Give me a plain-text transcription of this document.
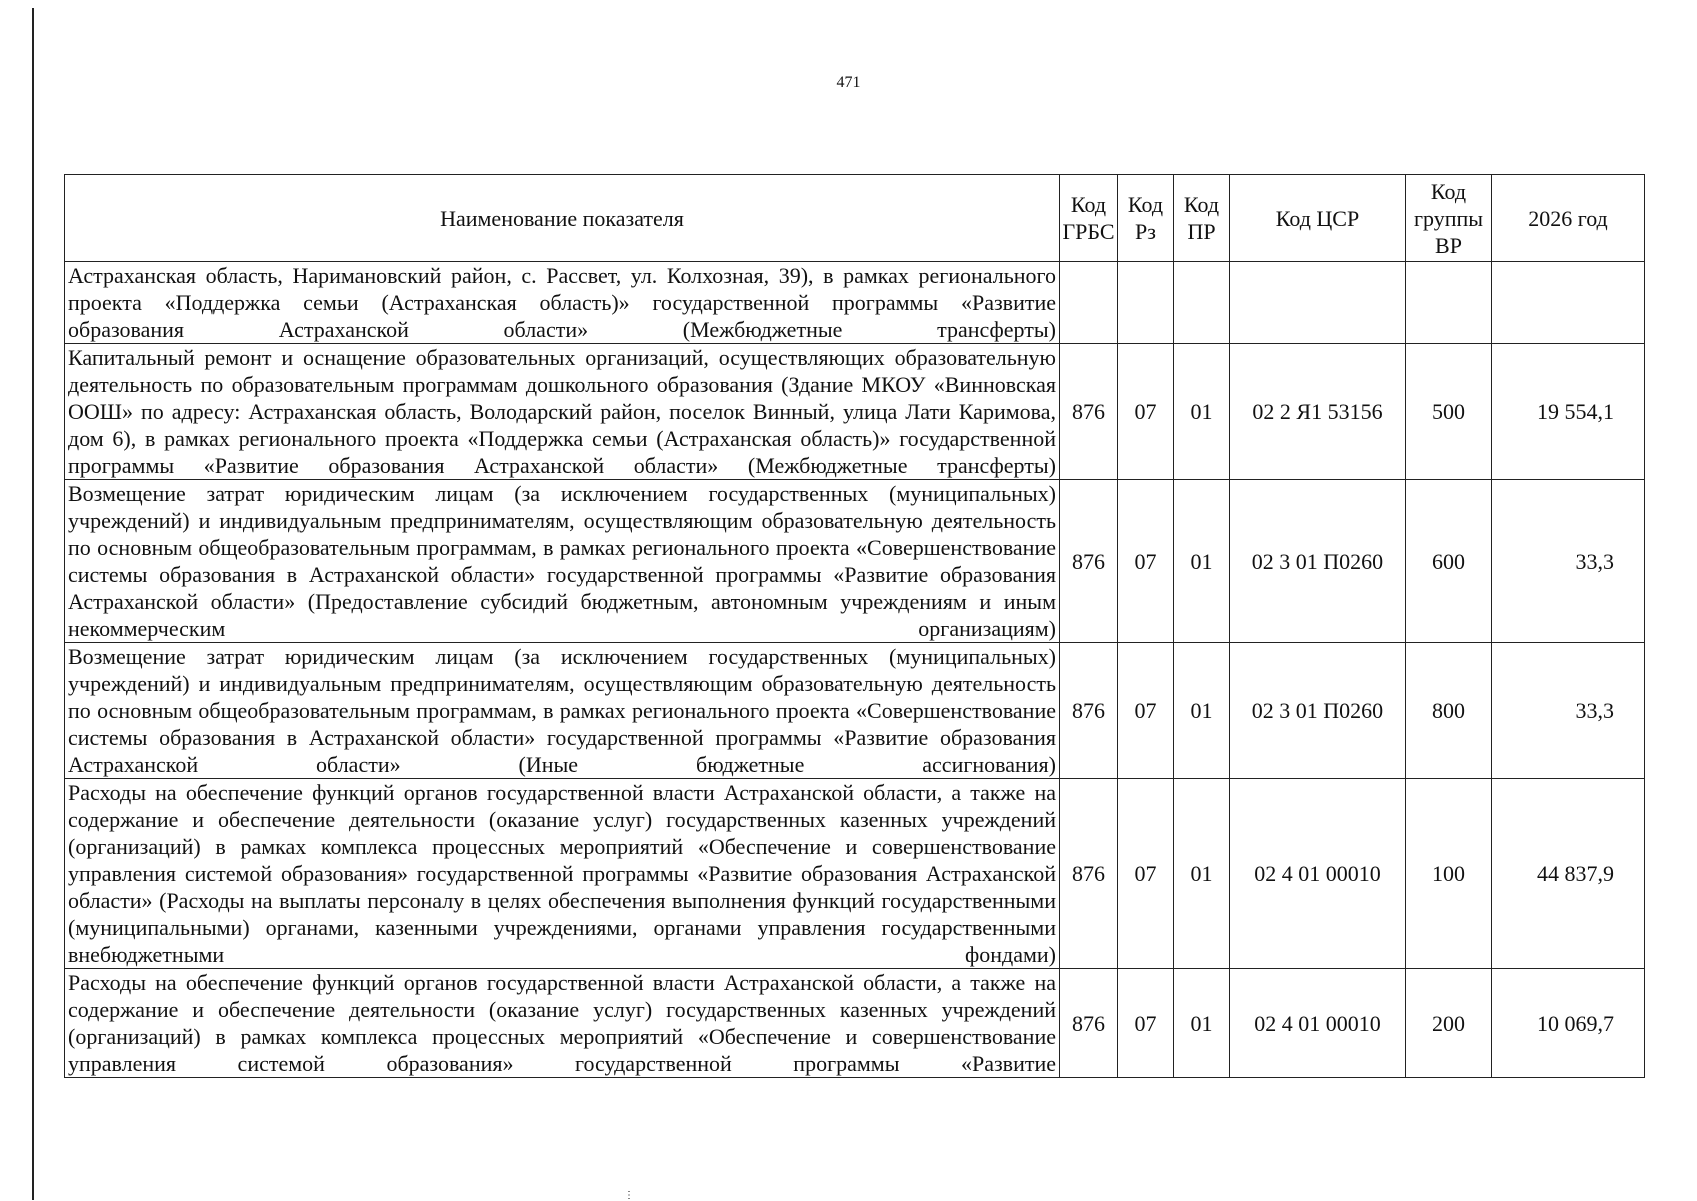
471
Наименование показателя	Код ГРБС	Код Рз	Код ПР	Код ЦСР	Код группы ВР	2026 год
Астраханская область, Наримановский район, с. Рассвет, ул. Колхозная, 39), в рамках регионального проекта «Поддержка семьи (Астраханская область)» государственной программы «Развитие образования Астраханской области» (Межбюджетные трансферты)						
Капитальный ремонт и оснащение образовательных организаций, осуществляющих образовательную деятельность по образовательным программам дошкольного образования (Здание МКОУ «Винновская ООШ» по адресу: Астраханская область, Володарский район, поселок Винный, улица Лати Каримова, дом 6), в рамках регионального проекта «Поддержка семьи (Астраханская область)» государственной программы «Развитие образования Астраханской области» (Межбюджетные трансферты)	876	07	01	02 2 Я1 53156	500	19 554,1
Возмещение затрат юридическим лицам (за исключением государственных (муниципальных) учреждений) и индивидуальным предпринимателям, осуществляющим образовательную деятельность по основным общеобразовательным программам, в рамках регионального проекта «Совершенствование системы образования в Астраханской области» государственной программы «Развитие образования Астраханской области» (Предоставление субсидий бюджетным, автономным учреждениям и иным некоммерческим организациям)	876	07	01	02 3 01 П0260	600	33,3
Возмещение затрат юридическим лицам (за исключением государственных (муниципальных) учреждений) и индивидуальным предпринимателям, осуществляющим образовательную деятельность по основным общеобразовательным программам, в рамках регионального проекта «Совершенствование системы образования в Астраханской области» государственной программы «Развитие образования Астраханской области» (Иные бюджетные ассигнования)	876	07	01	02 3 01 П0260	800	33,3
Расходы на обеспечение функций органов государственной власти Астраханской области, а также на содержание и обеспечение деятельности (оказание услуг) государственных казенных учреждений (организаций) в рамках комплекса процессных мероприятий «Обеспечение и совершенствование управления системой образования» государственной программы «Развитие образования Астраханской области» (Расходы на выплаты персоналу в целях обеспечения выполнения функций государственными (муниципальными) органами, казенными учреждениями, органами управления государственными внебюджетными фондами)	876	07	01	02 4 01 00010	100	44 837,9
Расходы на обеспечение функций органов государственной власти Астраханской области, а также на содержание и обеспечение деятельности (оказание услуг) государственных казенных учреждений (организаций) в рамках комплекса процессных мероприятий «Обеспечение и совершенствование управления системой образования» государственной программы «Развитие	876	07	01	02 4 01 00010	200	10 069,7
⋮
